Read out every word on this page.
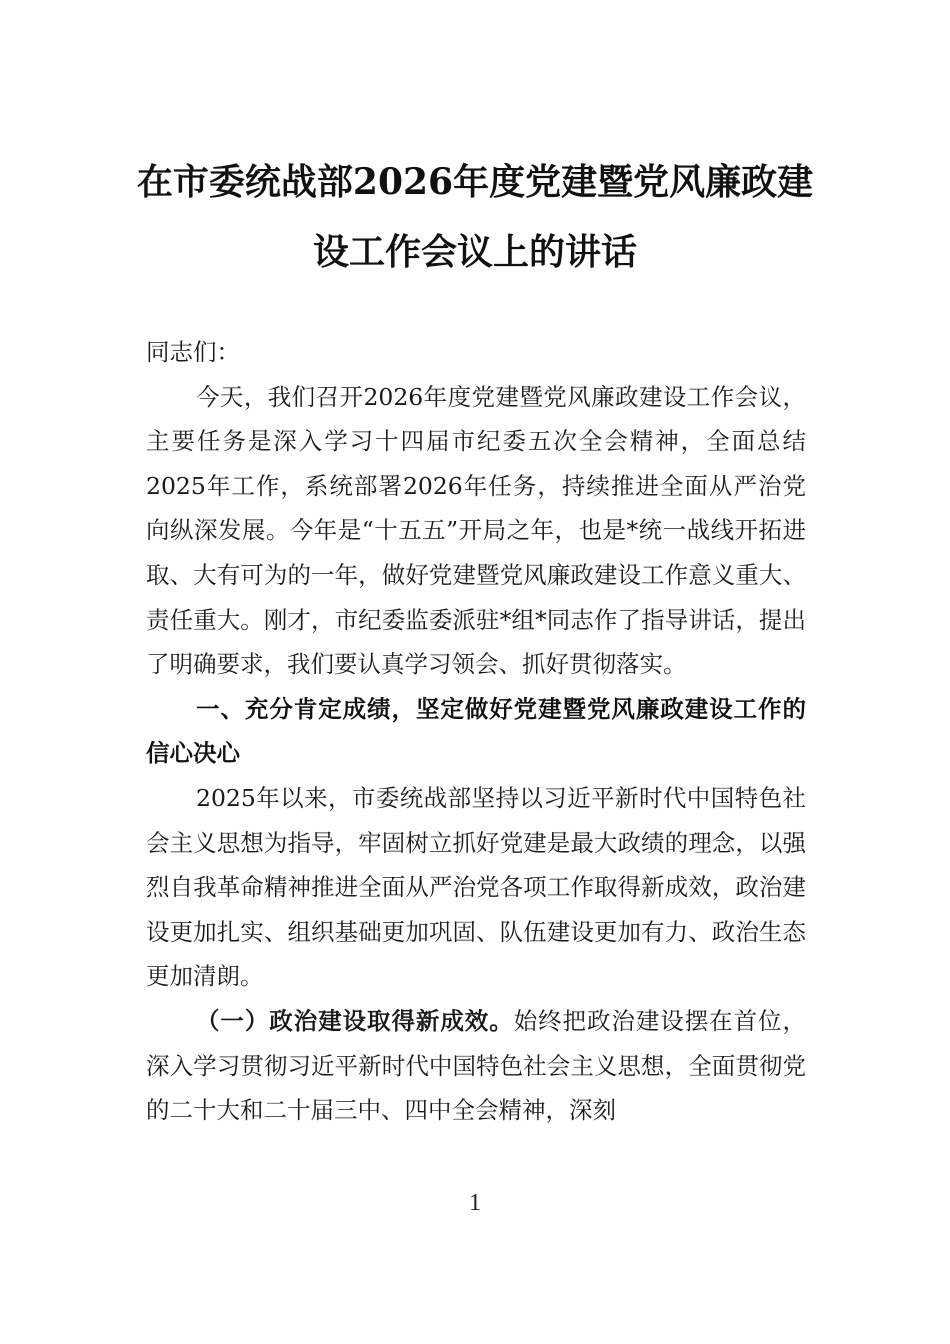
在市委统战部2026年度党建暨党风廉政建
设工作会议上的讲话

同志们：

今天，我们召开2026年度党建暨党风廉政建设工作会议，主要任务是深入学习十四届市纪委五次全会精神，全面总结2025年工作，系统部署2026年任务，持续推进全面从严治党向纵深发展。今年是“十五五”开局之年，也是*统一战线开拓进取、大有可为的一年，做好党建暨党风廉政建设工作意义重大、责任重大。刚才，市纪委监委派驻*组*同志作了指导讲话，提出了明确要求，我们要认真学习领会、抓好贯彻落实。

一、充分肯定成绩，坚定做好党建暨党风廉政建设工作的信心决心

2025年以来，市委统战部坚持以习近平新时代中国特色社会主义思想为指导，牢固树立抓好党建是最大政绩的理念，以强烈自我革命精神推进全面从严治党各项工作取得新成效，政治建设更加扎实、组织基础更加巩固、队伍建设更加有力、政治生态更加清朗。

（一）政治建设取得新成效。始终把政治建设摆在首位，深入学习贯彻习近平新时代中国特色社会主义思想，全面贯彻党的二十大和二十届三中、四中全会精神，深刻

1
